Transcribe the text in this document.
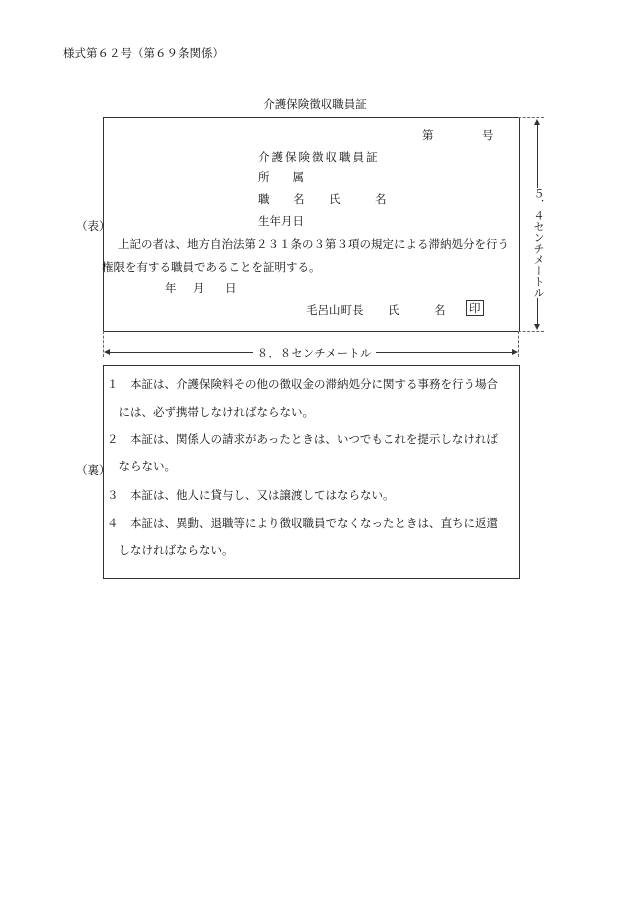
様式第６２号（第６９条関係）
介護保険徴収職員証
（表）
第	号
介護保険徴収職員証
所　　属
職 名 氏	名
生年月日
上記の者は、地方自治法第２３１条の３第３項の規定による滞納処分を行う
権限を有する職員であることを証明する。
年 月 日
毛呂山町長 氏	名	印
５．４センチメートル
８．８センチメートル
（裏）
１　本証は、介護保険料その他の徴収金の滞納処分に関する事務を行う場合
　には、必ず携帯しなければならない。
２　本証は、関係人の請求があったときは、いつでもこれを提示しなければ
　ならない。
３　本証は、他人に貸与し、又は譲渡してはならない。
４　本証は、異動、退職等により徴収職員でなくなったときは、直ちに返還
　しなければならない。
